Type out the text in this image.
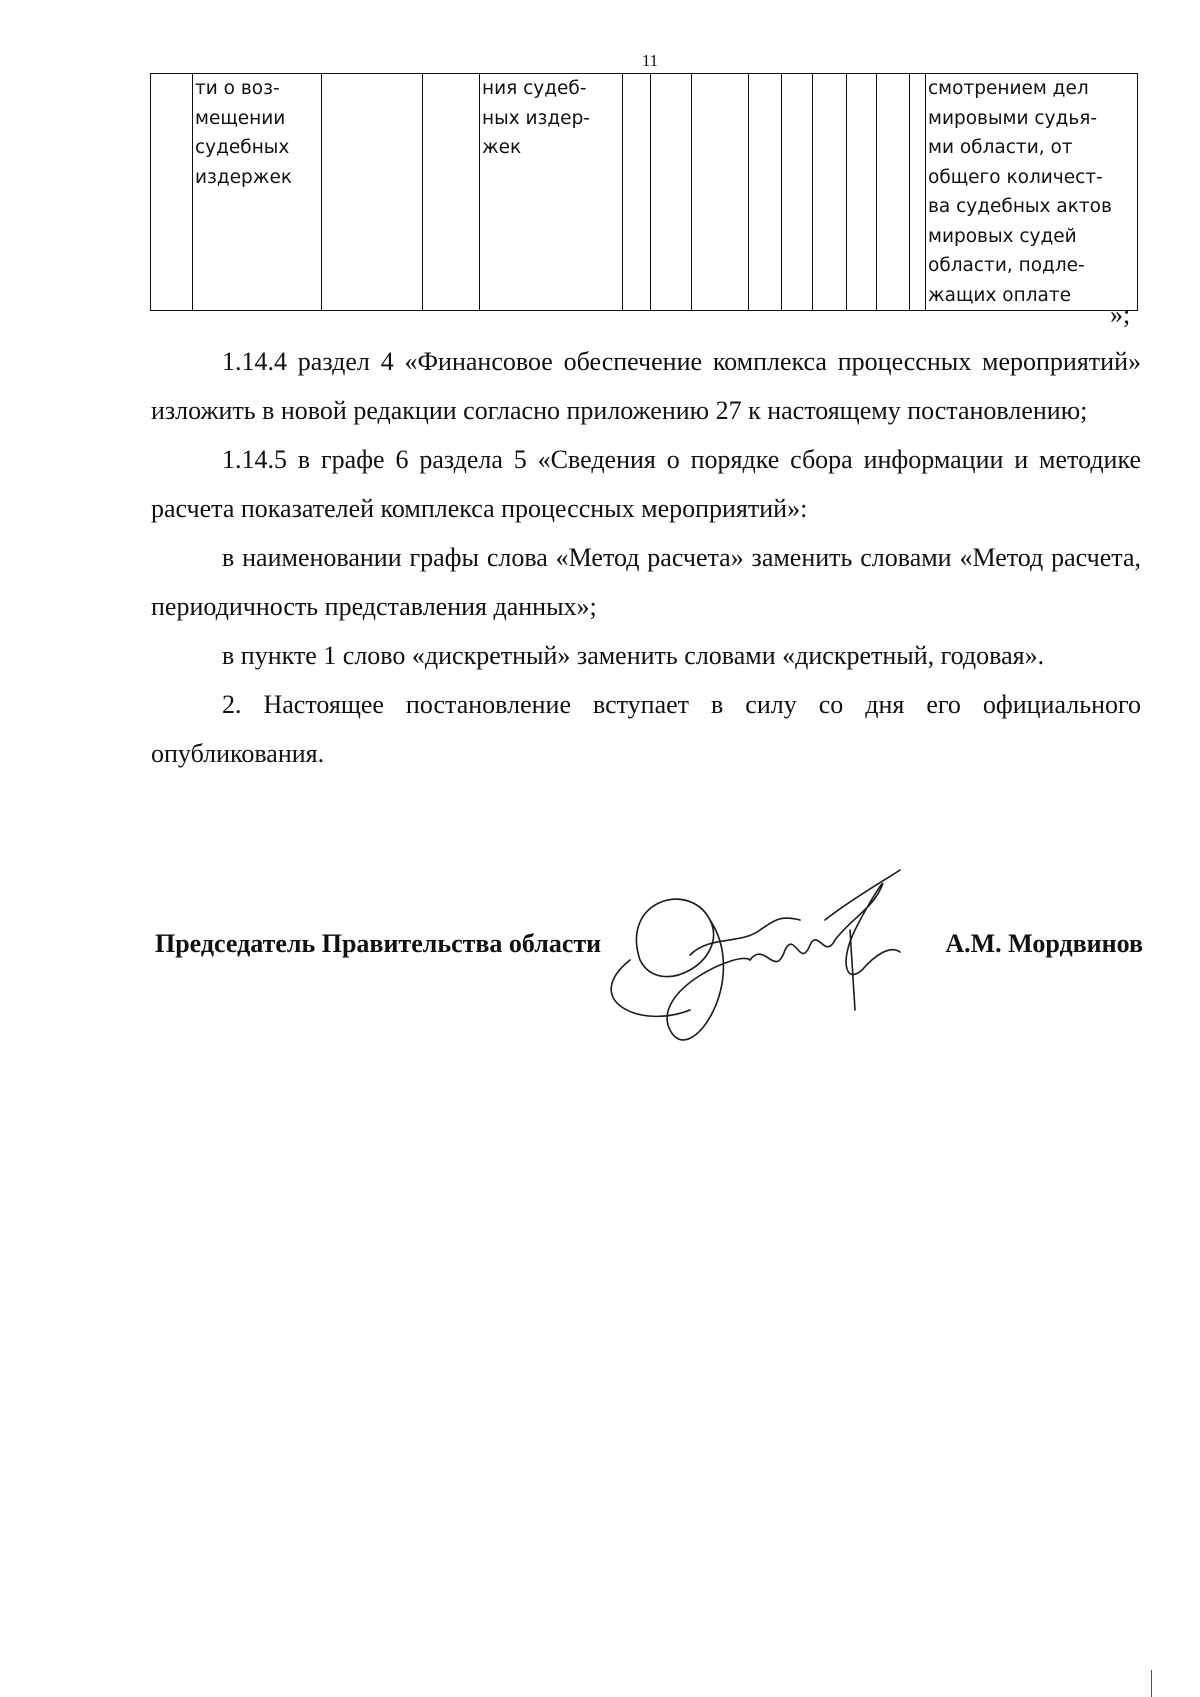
11
	ти о воз-
мещении
судебных
издержек			ния судеб-
ных издер-
жек										смотрением дел
мировыми судья-
ми области, от
общего количест-
ва судебных актов
мировых судей
области, подле-
жащих оплате
»;

1.14.4 раздел 4 «Финансовое обеспечение комплекса процессных мероприятий» изложить в новой редакции согласно приложению 27 к настоящему постановлению;

1.14.5 в графе 6 раздела 5 «Сведения о порядке сбора информации и методике расчета показателей комплекса процессных мероприятий»:

в наименовании графы слова «Метод расчета» заменить словами «Метод расчета, периодичность представления данных»;

в пункте 1 слово «дискретный» заменить словами «дискретный, годовая».

2. Настоящее постановление вступает в силу со дня его официального опубликования.

Председатель Правительства области	А.М. Мордвинов
